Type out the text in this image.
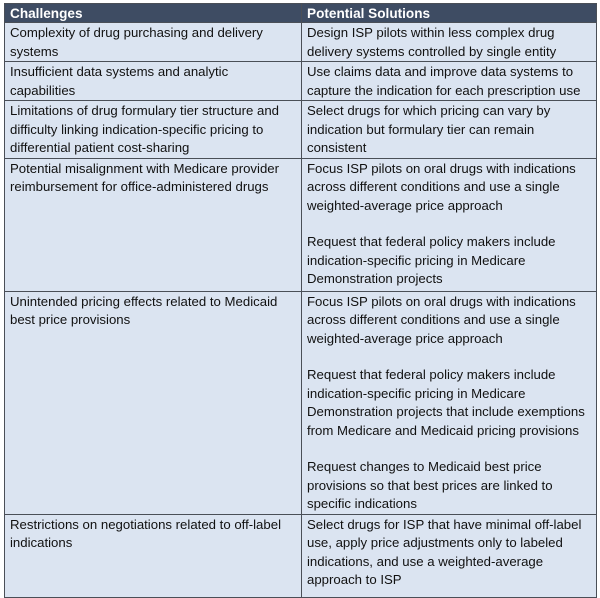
Challenges	Potential Solutions
Complexity of drug purchasing and delivery systems	Design ISP pilots within less complex drug delivery systems controlled by single entity

Insufficient data systems and analytic capabilities	Use claims data and improve data systems to capture the indication for each prescription use

Limitations of drug formulary tier structure and difficulty linking indication-specific pricing to differential patient cost-sharing	Select drugs for which pricing can vary by indication but formulary tier can remain consistent

Potential misalignment with Medicare provider reimbursement for office-administered drugs	Focus ISP pilots on oral drugs with indications across different conditions and use a single weighted-average price approach
Request that federal policy makers include indication-specific pricing in Medicare Demonstration projects

Unintended pricing effects related to Medicaid best price provisions	Focus ISP pilots on oral drugs with indications across different conditions and use a single weighted-average price approach
Request that federal policy makers include indication-specific pricing in Medicare Demonstration projects that include exemptions from Medicare and Medicaid pricing provisions
Request changes to Medicaid best price provisions so that best prices are linked to specific indications

Restrictions on negotiations related to off-label indications	Select drugs for ISP that have minimal off-label use, apply price adjustments only to labeled indications, and use a weighted-average approach to ISP
